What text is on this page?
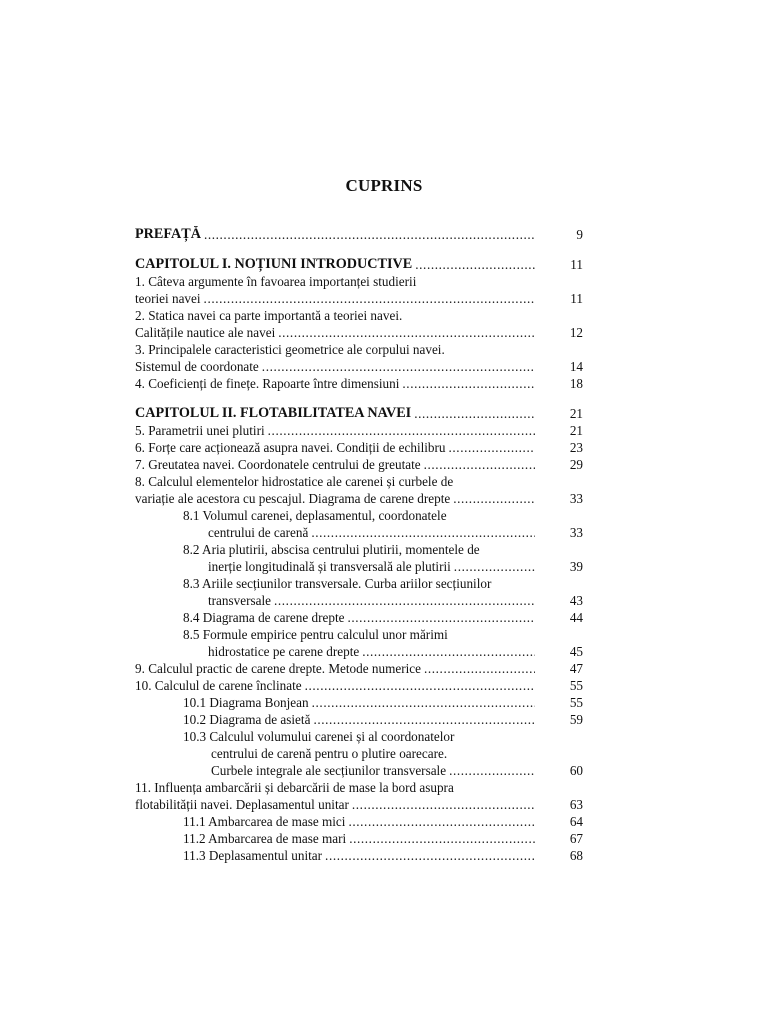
CUPRINS
PREFAȚĂ .....	9
CAPITOLUL I. NOȚIUNI INTRODUCTIVE .....	11
1. Câteva argumente în favoarea importanței studierii
teoriei navei .....	11
2. Statica navei ca parte importantă a teoriei navei.
Calitățile nautice ale navei .....	12
3. Principalele caracteristici geometrice ale corpului navei.
Sistemul de coordonate .....	14
4. Coeficienți de finețe. Rapoarte între dimensiuni .....	18
CAPITOLUL II. FLOTABILITATEA NAVEI .....	21
5. Parametrii unei plutiri .....	21
6. Forțe care acționează asupra navei. Condiții de echilibru .....	23
7. Greutatea navei. Coordonatele centrului de greutate .....	29
8. Calculul elementelor hidrostatice ale carenei și curbele de
variație ale acestora cu pescajul. Diagrama de carene drepte .....	33
8.1 Volumul carenei, deplasamentul, coordonatele
centrului de carenă .....	33
8.2 Aria plutirii, abscisa centrului plutirii, momentele de
inerție longitudinală și transversală ale plutirii .....	39
8.3 Ariile secțiunilor transversale. Curba ariilor secțiunilor
transversale .....	43
8.4 Diagrama de carene drepte .....	44
8.5 Formule empirice pentru calculul unor mărimi
hidrostatice pe carene drepte .....	45
9. Calculul practic de carene drepte. Metode numerice .....	47
10. Calculul de carene înclinate .....	55
10.1 Diagrama Bonjean .....	55
10.2 Diagrama de asietă .....	59
10.3 Calculul volumului carenei și al coordonatelor
centrului de carenă pentru o plutire oarecare.
Curbele integrale ale secțiunilor transversale .....	60
11. Influența ambarcării și debarcării de mase la bord asupra
flotabilității navei. Deplasamentul unitar .....	63
11.1 Ambarcarea de mase mici .....	64
11.2 Ambarcarea de mase mari .....	67
11.3 Deplasamentul unitar .....	68
